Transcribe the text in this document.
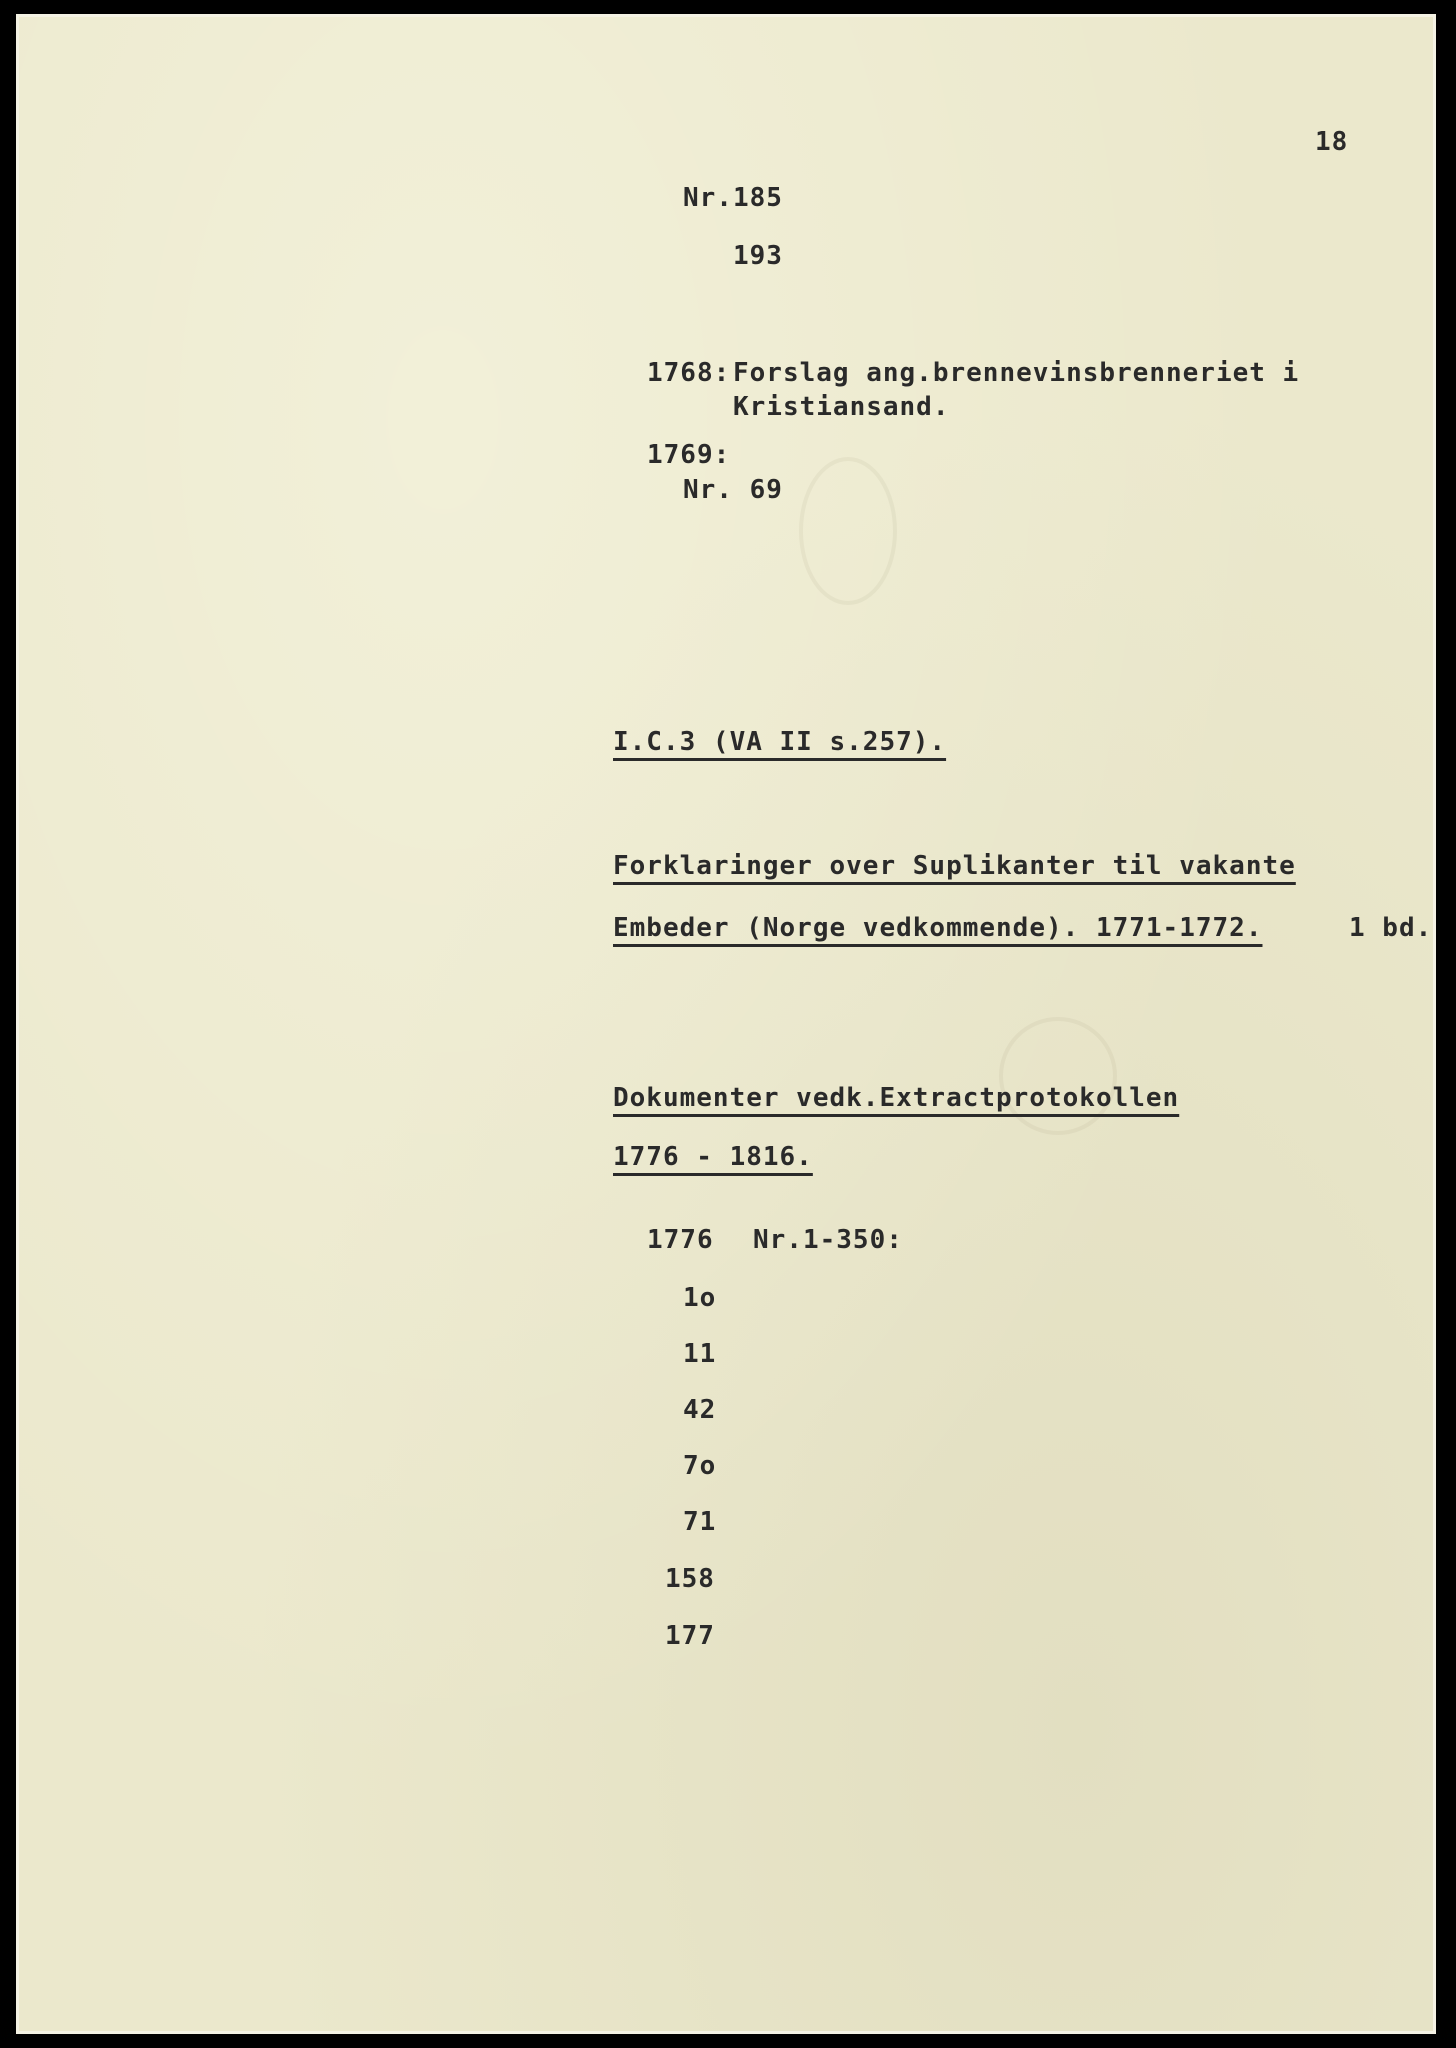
18
Nr.185
193
1768: Forslag ang.brennevinsbrenneriet i
Kristiansand.
1769:
Nr. 69
I.C.3 (VA II s.257).
Forklaringer over Suplikanter til vakante
Embeder (Norge vedkommende). 1771-1772.	1 bd.
Dokumenter vedk.Extractprotokollen
1776 - 1816.
1776 Nr.1-350:
1o
11
42
7o
71
158
177
